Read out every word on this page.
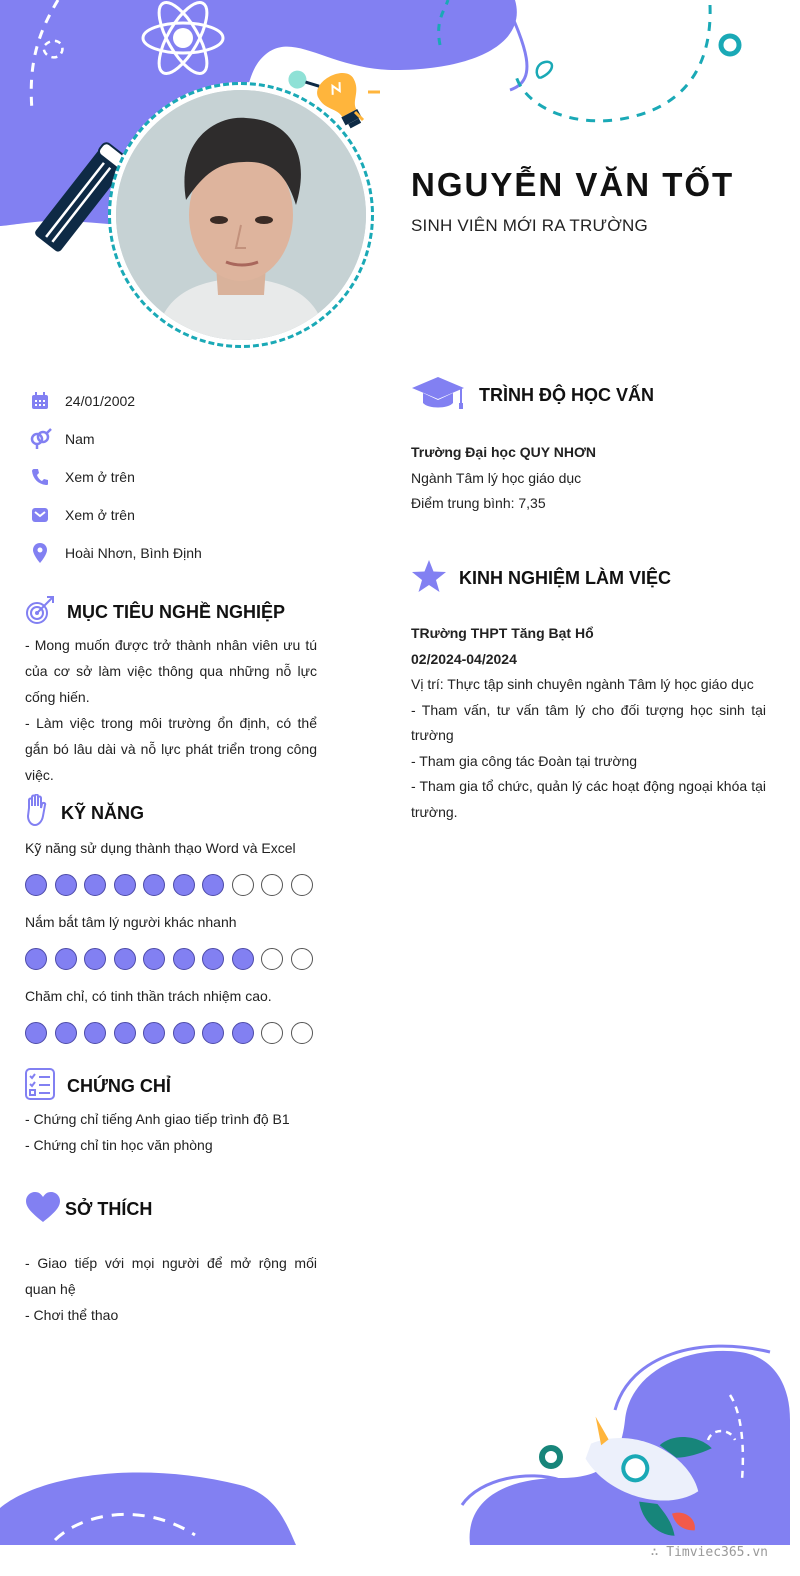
NGUYỄN VĂN TỐT
SINH VIÊN MỚI RA TRƯỜNG
24/01/2002
Nam
Xem ở trên
Xem ở trên
Hoài Nhơn, Bình Định
MỤC TIÊU NGHỀ NGHIỆP
- Mong muốn được trở thành nhân viên ưu tú của cơ sở làm việc thông qua những nỗ lực cống hiến.
- Làm việc trong môi trường ổn định, có thể gắn bó lâu dài và nỗ lực phát triển trong công việc.
KỸ NĂNG
Kỹ năng sử dụng thành thạo Word và Excel
Nắm bắt tâm lý người khác nhanh
Chăm chỉ, có tinh thần trách nhiệm cao.
CHỨNG CHỈ
- Chứng chỉ tiếng Anh giao tiếp trình độ B1
- Chứng chỉ tin học văn phòng
SỞ THÍCH
- Giao tiếp với mọi người để mở rộng mối quan hệ
- Chơi thể thao
TRÌNH ĐỘ HỌC VẤN
Trường Đại học QUY NHƠN
Ngành Tâm lý học giáo dục
Điểm trung bình: 7,35
KINH NGHIỆM LÀM VIỆC
TRường THPT Tăng Bạt Hổ
02/2024-04/2024
Vị trí: Thực tập sinh chuyên ngành Tâm lý học giáo dục
- Tham vấn, tư vấn tâm lý cho đối tượng học sinh tại trường
- Tham gia công tác Đoàn tại trường
- Tham gia tổ chức, quản lý các hoạt động ngoại khóa tại trường.
∴ Timviec365.vn
